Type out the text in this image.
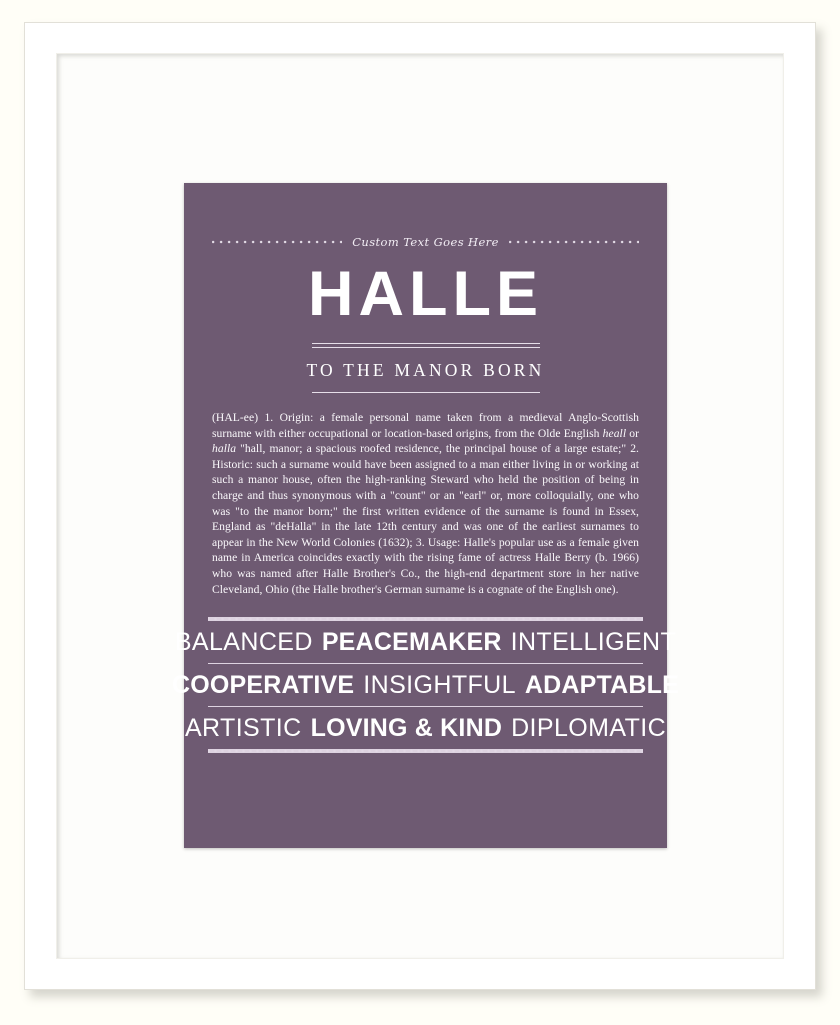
Custom Text Goes Here
HALLE
TO THE MANOR BORN
(HAL-ee) 1. Origin: a female personal name taken from a medieval Anglo-Scottish surname with either occupational or location-based origins, from the Olde English heall or halla "hall, manor; a spacious roofed residence, the principal house of a large estate;" 2. Historic: such a surname would have been assigned to a man either living in or working at such a manor house, often the high-ranking Steward who held the position of being in charge and thus synonymous with a "count" or an "earl" or, more colloquially, one who was "to the manor born;" the first written evidence of the surname is found in Essex, England as "deHalla" in the late 12th century and was one of the earliest surnames to appear in the New World Colonies (1632); 3. Usage: Halle's popular use as a female given name in America coincides exactly with the rising fame of actress Halle Berry (b. 1966) who was named after Halle Brother's Co., the high-end department store in her native Cleveland, Ohio (the Halle brother's German surname is a cognate of the English one).
BALANCED PEACEMAKER INTELLIGENT
COOPERATIVE INSIGHTFUL ADAPTABLE
ARTISTIC LOVING & KIND DIPLOMATIC
